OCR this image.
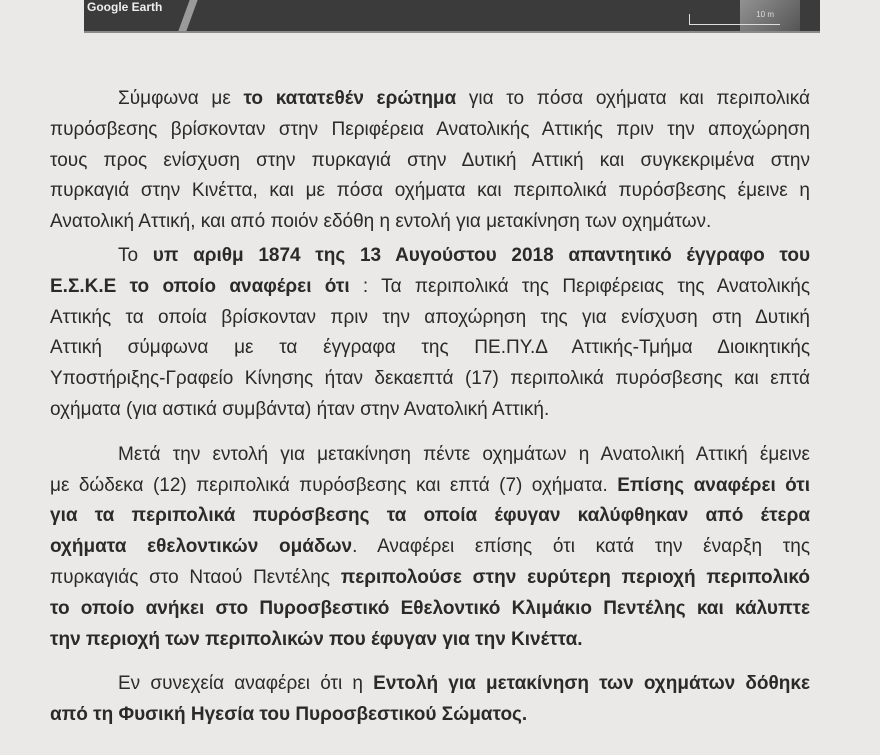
Google Earth
10 m
Σύμφωνα με το κατατεθέν ερώτημα για το πόσα οχήματα και περιπολικά
πυρόσβεσης βρίσκονταν στην Περιφέρεια Ανατολικής Αττικής πριν την αποχώρηση
τους προς ενίσχυση στην πυρκαγιά στην Δυτική Αττική και συγκεκριμένα στην
πυρκαγιά στην Κινέττα, και με πόσα οχήματα και περιπολικά πυρόσβεσης έμεινε η
Ανατολική Αττική, και από ποιόν εδόθη η εντολή για μετακίνηση των οχημάτων.
Το υπ αριθμ 1874 της 13 Αυγούστου 2018 απαντητικό έγγραφο του
Ε.Σ.Κ.Ε το οποίο αναφέρει ότι : Τα περιπολικά της Περιφέρειας της Ανατολικής
Αττικής τα οποία βρίσκονταν πριν την αποχώρηση της για ενίσχυση στη Δυτική
Αττική σύμφωνα με τα έγγραφα της ΠΕ.ΠΥ.Δ Αττικής-Τμήμα Διοικητικής
Υποστήριξης-Γραφείο Κίνησης ήταν δεκαεπτά (17) περιπολικά πυρόσβεσης και επτά
οχήματα (για αστικά συμβάντα) ήταν στην Ανατολική Αττική.
Μετά την εντολή για μετακίνηση πέντε οχημάτων η Ανατολική Αττική έμεινε
με δώδεκα (12) περιπολικά πυρόσβεσης και επτά (7) οχήματα. Επίσης αναφέρει ότι
για τα περιπολικά πυρόσβεσης τα οποία έφυγαν καλύφθηκαν από έτερα
οχήματα εθελοντικών ομάδων. Αναφέρει επίσης ότι κατά την έναρξη της
πυρκαγιάς στο Νταού Πεντέλης περιπολούσε στην ευρύτερη περιοχή περιπολικό
το οποίο ανήκει στο Πυροσβεστικό Εθελοντικό Κλιμάκιο Πεντέλης και κάλυπτε
την περιοχή των περιπολικών που έφυγαν για την Κινέττα.
Εν συνεχεία αναφέρει ότι η Εντολή για μετακίνηση των οχημάτων δόθηκε
από τη Φυσική Ηγεσία του Πυροσβεστικού Σώματος.
